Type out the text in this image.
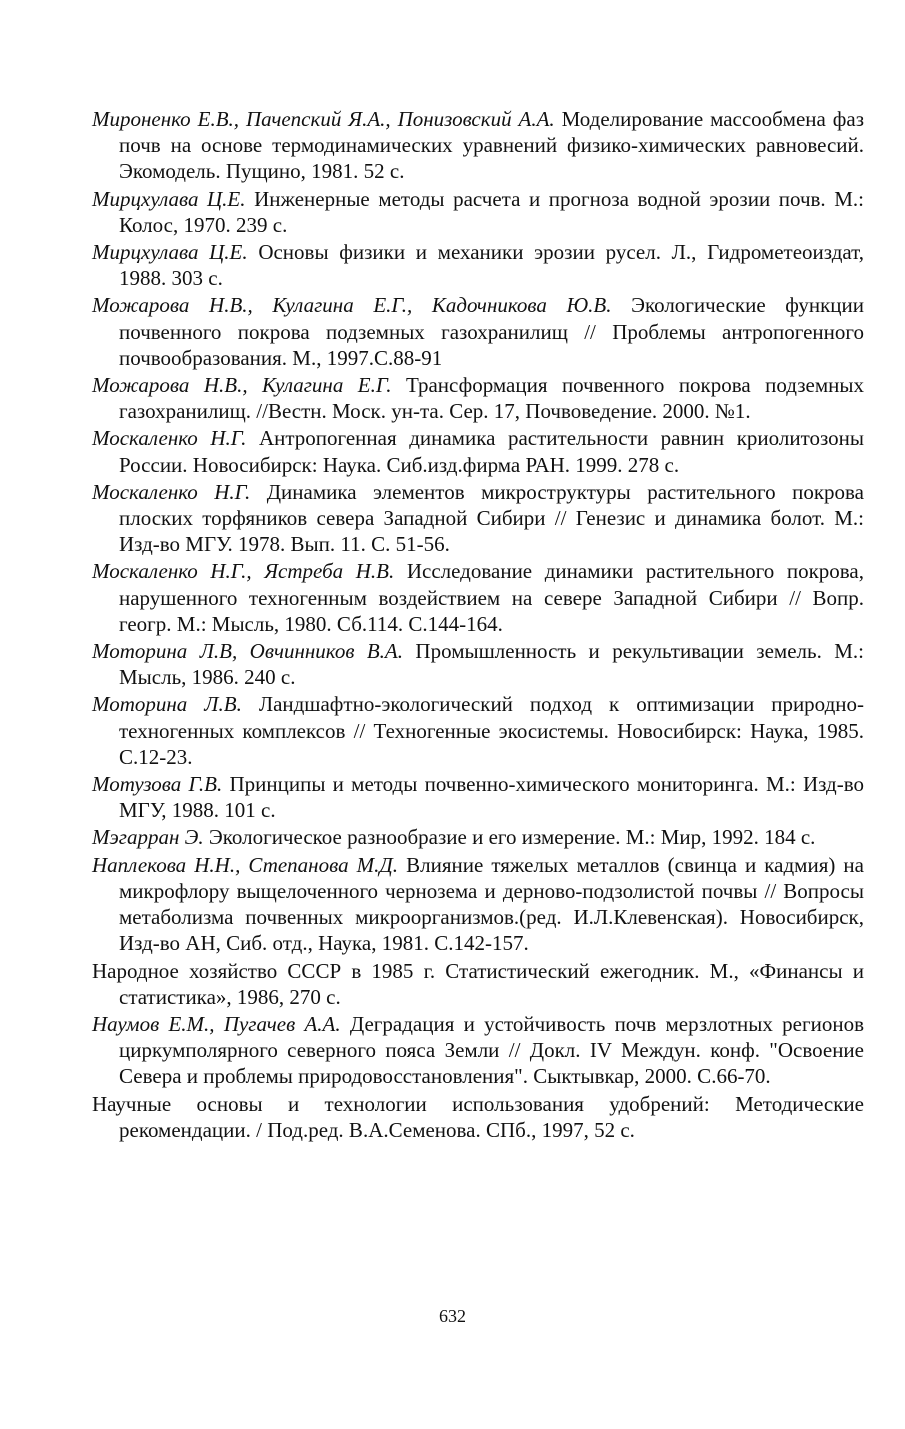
Мироненко Е.В., Пачепский Я.А., Понизовский А.А. Моделирование массообмена фаз почв на основе термодинамических уравнений физико-химических равновесий. Экомодель. Пущино, 1981. 52 с.

Мирцхулава Ц.Е. Инженерные методы расчета и прогноза водной эрозии почв. М.: Колос, 1970. 239 с.

Мирцхулава Ц.Е. Основы физики и механики эрозии русел. Л., Гидрометеоиздат, 1988. 303 с.

Можарова Н.В., Кулагина Е.Г., Кадочникова Ю.В. Экологические функции почвенного покрова подземных газохранилищ // Проблемы антропогенного почвообразования. М., 1997.С.88-91

Можарова Н.В., Кулагина Е.Г. Трансформация почвенного покрова подземных газохранилищ. //Вестн. Моск. ун-та. Сер. 17, Почвоведение. 2000. №1.

Москаленко Н.Г. Антропогенная динамика растительности равнин криолитозоны России. Новосибирск: Наука. Сиб.изд.фирма РАН. 1999. 278 с.

Москаленко Н.Г. Динамика элементов микроструктуры растительного покрова плоских торфяников севера Западной Сибири // Генезис и динамика болот. М.: Изд-во МГУ. 1978. Вып. 11. С. 51-56.

Москаленко Н.Г., Ястреба Н.В. Исследование динамики растительного покрова, нарушенного техногенным воздействием на севере Западной Сибири // Вопр. геогр. М.: Мысль, 1980. Сб.114. С.144-164.

Моторина Л.В, Овчинников В.А. Промышленность и рекультивации земель. М.: Мысль, 1986. 240 с.

Моторина Л.В. Ландшафтно-экологический подход к оптимизации природно-техногенных комплексов // Техногенные экосистемы. Новосибирск: Наука, 1985. С.12-23.

Мотузова Г.В. Принципы и методы почвенно-химического мониторинга. М.: Изд-во МГУ, 1988. 101 с.

Мэгарран Э. Экологическое разнообразие и его измерение. М.: Мир, 1992. 184 с.

Наплекова Н.Н., Степанова М.Д. Влияние тяжелых металлов (свинца и кадмия) на микрофлору выщелоченного чернозема и дерново-подзолистой почвы // Вопросы метаболизма почвенных микроорганизмов.(ред. И.Л.Клевенская). Новосибирск, Изд-во АН, Сиб. отд., Наука, 1981. С.142-157.

Народное хозяйство СССР в 1985 г. Статистический ежегодник. М., «Финансы и статистика», 1986, 270 с.

Наумов Е.М., Пугачев А.А. Деградация и устойчивость почв мерзлотных регионов циркумполярного северного пояса Земли // Докл. IV Междун. конф. "Освоение Севера и проблемы природовосстановления". Сыктывкар, 2000. С.66-70.

Научные основы и технологии использования удобрений: Методические рекомендации. / Под.ред. В.А.Семенова. СПб., 1997, 52 с.

632
